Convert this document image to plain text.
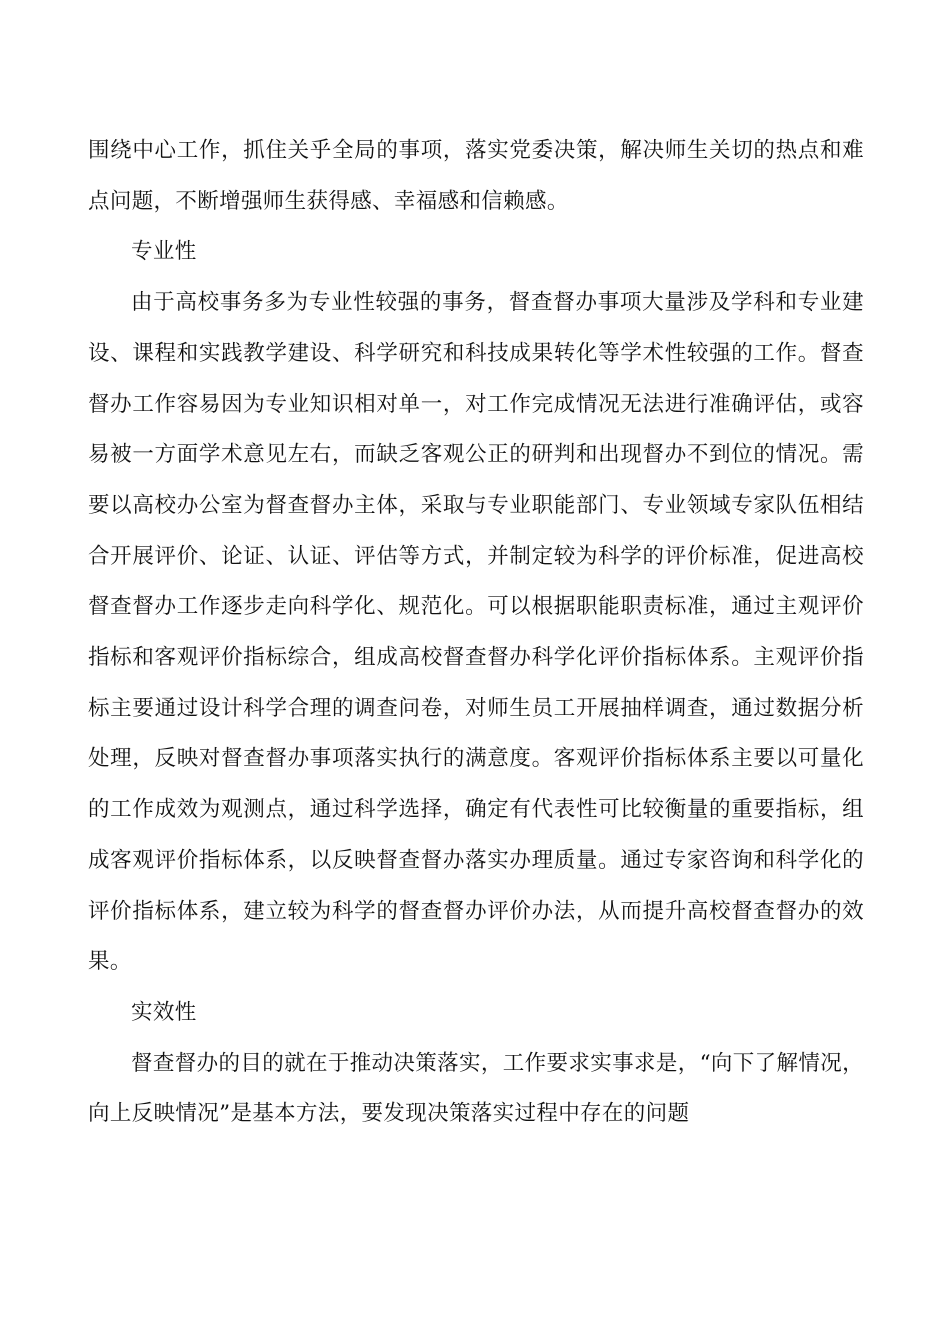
围绕中心工作，抓住关乎全局的事项，落实党委决策，解决师生关切的热点和难点问题，不断增强师生获得感、幸福感和信赖感。

专业性

由于高校事务多为专业性较强的事务，督查督办事项大量涉及学科和专业建设、课程和实践教学建设、科学研究和科技成果转化等学术性较强的工作。督查督办工作容易因为专业知识相对单一，对工作完成情况无法进行准确评估，或容易被一方面学术意见左右，而缺乏客观公正的研判和出现督办不到位的情况。需要以高校办公室为督查督办主体，采取与专业职能部门、专业领域专家队伍相结合开展评价、论证、认证、评估等方式，并制定较为科学的评价标准，促进高校督查督办工作逐步走向科学化、规范化。可以根据职能职责标准，通过主观评价指标和客观评价指标综合，组成高校督查督办科学化评价指标体系。主观评价指标主要通过设计科学合理的调查问卷，对师生员工开展抽样调查，通过数据分析处理，反映对督查督办事项落实执行的满意度。客观评价指标体系主要以可量化的工作成效为观测点，通过科学选择，确定有代表性可比较衡量的重要指标，组成客观评价指标体系，以反映督查督办落实办理质量。通过专家咨询和科学化的评价指标体系，建立较为科学的督查督办评价办法，从而提升高校督查督办的效果。

实效性

督查督办的目的就在于推动决策落实，工作要求实事求是，“向下了解情况，向上反映情况”是基本方法，要发现决策落实过程中存在的问题
